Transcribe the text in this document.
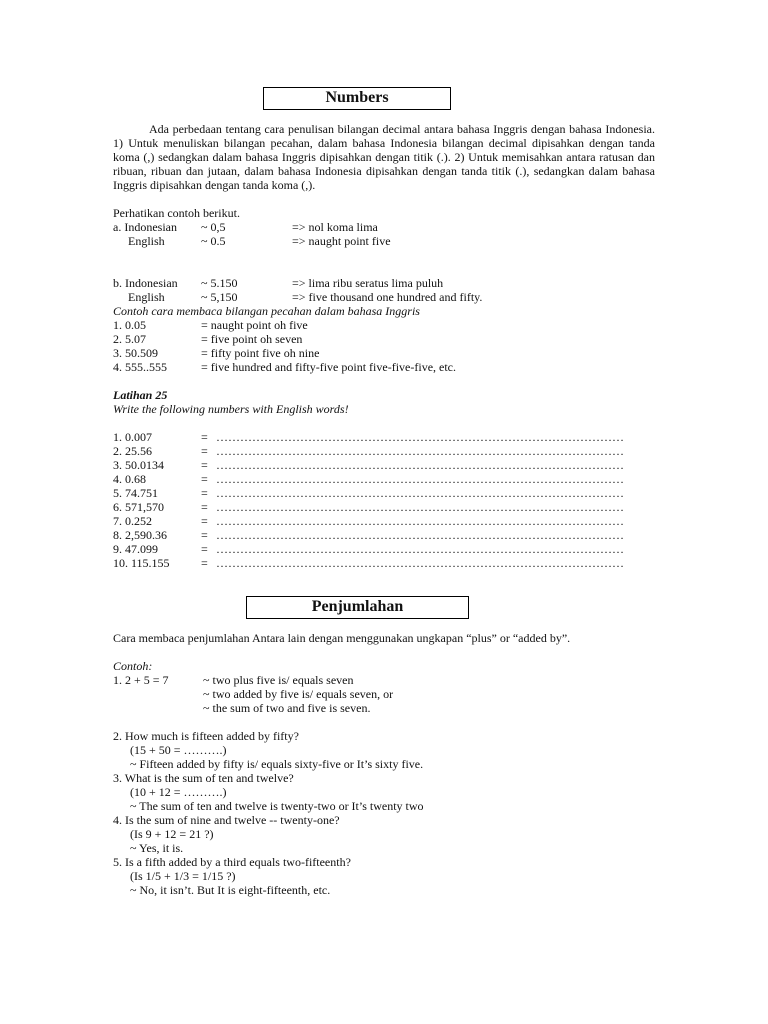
Numbers

Ada perbedaan tentang cara penulisan bilangan decimal antara bahasa Inggris dengan bahasa Indonesia. 1) Untuk menuliskan bilangan pecahan, dalam bahasa Indonesia bilangan decimal dipisahkan dengan tanda koma (,) sedangkan dalam bahasa Inggris dipisahkan dengan titik (.). 2) Untuk memisahkan antara ratusan dan ribuan, ribuan dan jutaan, dalam bahasa Indonesia dipisahkan dengan tanda titik (.), sedangkan dalam bahasa Inggris dipisahkan dengan tanda koma (,).

Perhatikan contoh berikut.
a. Indonesian ~ 0,5	=> nol koma lima
English	~ 0.5	=> naught point five
b. Indonesian ~ 5.150	=> lima ribu seratus lima puluh
English	~ 5,150	=> five thousand one hundred and fifty.
Contoh cara membaca bilangan pecahan dalam bahasa Inggris
1. 0.05	= naught point oh five
2. 5.07	= five point oh seven
3. 50.509	= fifty point five oh nine
4. 555..555	= five hundred and fifty-five point five-five-five, etc.
Latihan 25
Write the following numbers with English words!
1. 0.007	= …………………………………………………………………………………………
2. 25.56	= …………………………………………………………………………………………
3. 50.0134	= …………………………………………………………………………………………
4. 0.68	= …………………………………………………………………………………………
5. 74.751	= …………………………………………………………………………………………
6. 571,570	= …………………………………………………………………………………………
7. 0.252	= …………………………………………………………………………………………
8. 2,590.36	= …………………………………………………………………………………………
9. 47.099	= …………………………………………………………………………………………
10. 115.155	= …………………………………………………………………………………………
Penjumlahan

Cara membaca penjumlahan Antara lain dengan menggunakan ungkapan “plus” or “added by”.

Contoh:
1. 2 + 5 = 7	~ two plus five is/ equals seven
~ two added by five is/ equals seven, or
~ the sum of two and five is seven.
2. How much is fifteen added by fifty?
(15 + 50 = ……….)
~ Fifteen added by fifty is/ equals sixty-five or It’s sixty five.
3. What is the sum of ten and twelve?
(10 + 12 = ……….)
~ The sum of ten and twelve is twenty-two or It’s twenty two
4. Is the sum of nine and twelve -- twenty-one?
(Is 9 + 12 = 21 ?)
~ Yes, it is.
5. Is a fifth added by a third equals two-fifteenth?
(Is 1/5 + 1/3 = 1/15 ?)
~ No, it isn’t. But It is eight-fifteenth, etc.
